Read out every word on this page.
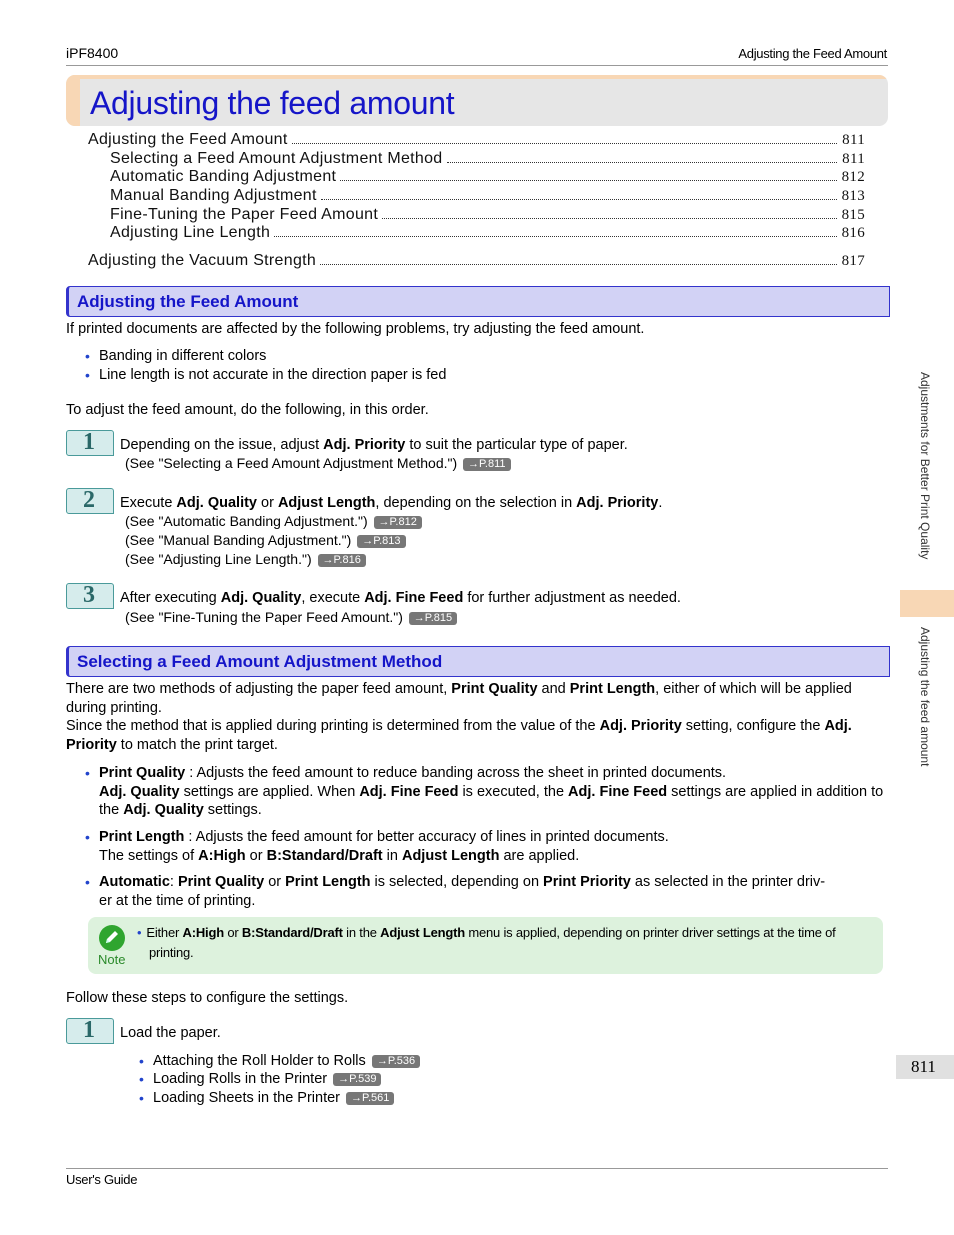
iPF8400	Adjusting the Feed Amount
Adjusting the feed amount
Adjusting the Feed Amount	811
Selecting a Feed Amount Adjustment Method	811
Automatic Banding Adjustment	812
Manual Banding Adjustment	813
Fine-Tuning the Paper Feed Amount	815
Adjusting Line Length	816
Adjusting the Vacuum Strength	817
Adjusting the Feed Amount
If printed documents are affected by the following problems, try adjusting the feed amount.
• Banding in different colors
• Line length is not accurate in the direction paper is fed
To adjust the feed amount, do the following, in this order.
1 Depending on the issue, adjust Adj. Priority to suit the particular type of paper.
(See "Selecting a Feed Amount Adjustment Method.") →P.811
2 Execute Adj. Quality or Adjust Length, depending on the selection in Adj. Priority.
(See "Automatic Banding Adjustment.") →P.812
(See "Manual Banding Adjustment.") →P.813
(See "Adjusting Line Length.") →P.816
3 After executing Adj. Quality, execute Adj. Fine Feed for further adjustment as needed.
(See "Fine-Tuning the Paper Feed Amount.") →P.815
Selecting a Feed Amount Adjustment Method
There are two methods of adjusting the paper feed amount, Print Quality and Print Length, either of which will be applied during printing.
Since the method that is applied during printing is determined from the value of the Adj. Priority setting, configure the Adj. Priority to match the print target.
• Print Quality : Adjusts the feed amount to reduce banding across the sheet in printed documents.
Adj. Quality settings are applied. When Adj. Fine Feed is executed, the Adj. Fine Feed settings are applied in addition to the Adj. Quality settings.
• Print Length : Adjusts the feed amount for better accuracy of lines in printed documents.
The settings of A:High or B:Standard/Draft in Adjust Length are applied.
• Automatic: Print Quality or Print Length is selected, depending on Print Priority as selected in the printer driv-
er at the time of printing.
Note
• Either A:High or B:Standard/Draft in the Adjust Length menu is applied, depending on printer driver settings at the time of
printing.
Follow these steps to configure the settings.
1 Load the paper.
• Attaching the Roll Holder to Rolls →P.536
• Loading Rolls in the Printer →P.539
• Loading Sheets in the Printer →P.561
Adjustments for Better Print Quality
Adjusting the feed amount
811
User's Guide
